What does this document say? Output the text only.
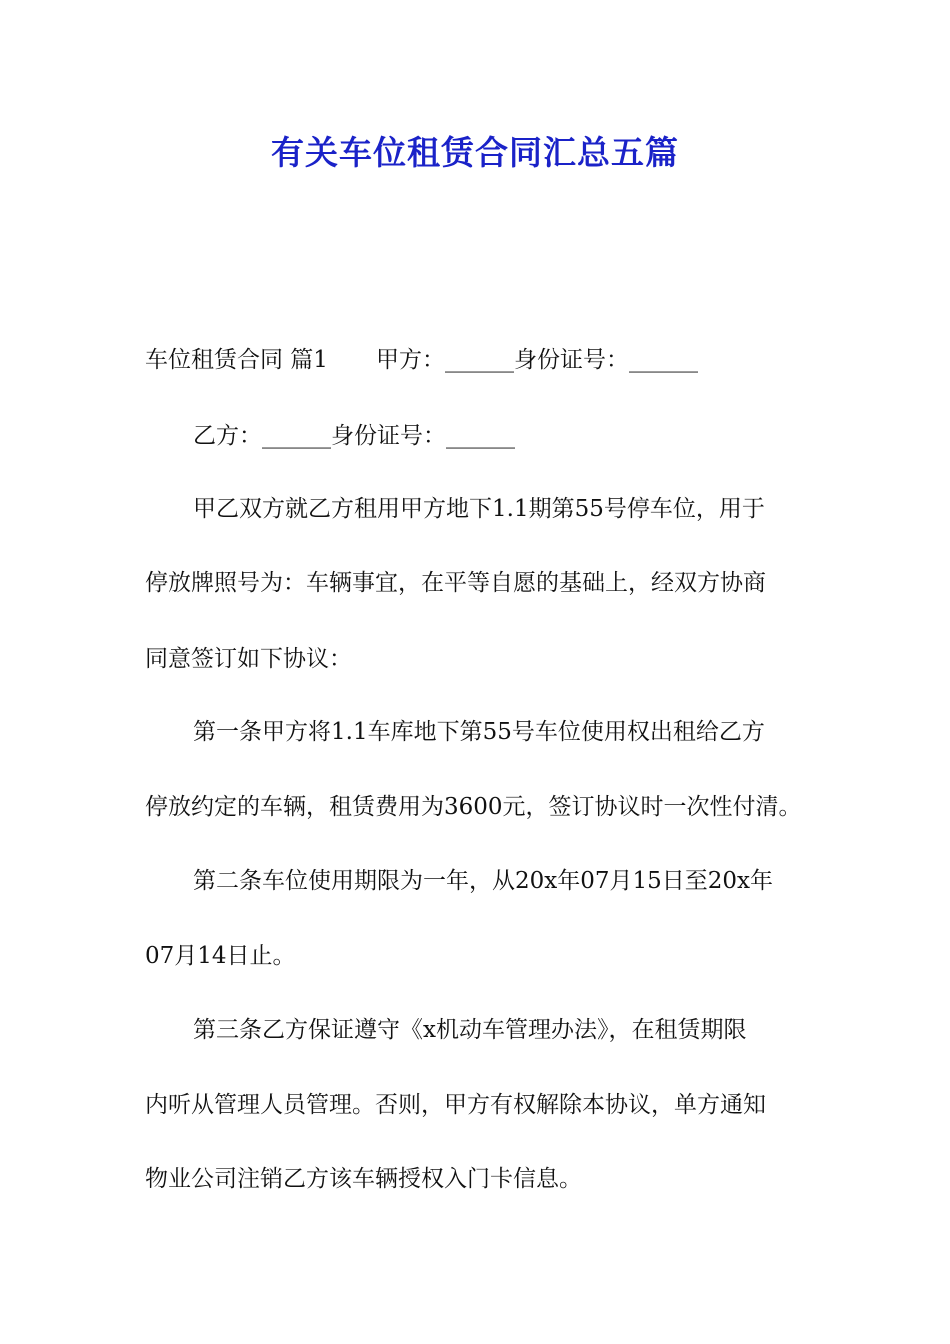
有关车位租赁合同汇总五篇

车位租赁合同 篇1 甲方：______身份证号：______

乙方：______身份证号：______

甲乙双方就乙方租用甲方地下1.1期第55号停车位，用于

停放牌照号为：车辆事宜，在平等自愿的基础上，经双方协商

同意签订如下协议：

第一条甲方将1.1车库地下第55号车位使用权出租给乙方

停放约定的车辆，租赁费用为3600元，签订协议时一次性付清。

第二条车位使用期限为一年，从20x年07月15日至20x年

07月14日止。

第三条乙方保证遵守《x机动车管理办法》，在租赁期限

内听从管理人员管理。否则，甲方有权解除本协议，单方通知

物业公司注销乙方该车辆授权入门卡信息。
